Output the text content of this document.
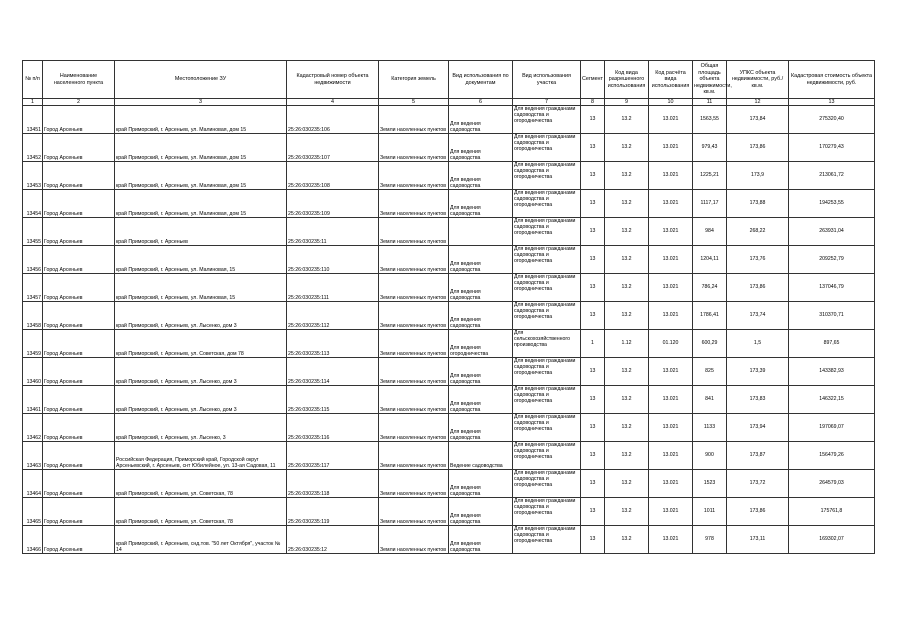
№ п/п	Наименование населенного пункта	Местоположение ЗУ	Кадастровый номер объекта недвижимости	Категория земель	Вид использования по документам	Вид использования участка	Сегмент	Код вида разрешенного использования	Код расчёта вида использования	Общая площадь объекта недвижимости, кв.м.	УПКС объекта недвижимости, руб./кв.м.	Кадастровая стоимость объекта недвижимости, руб.
1	2	3	4	5	6	7	8	9	10	11	12	13
13451	Город Арсеньев	край Приморский, г. Арсеньев, ул. Малиновая, дом 15	25:26:030235:106	Земли населенных пунктов	Для ведения садоводства	Для ведения гражданами садоводства и огородничества	13	13.2	13.021	1563,55	173,84	275320,40
13452	Город Арсеньев	край Приморский, г. Арсеньев, ул. Малиновая, дом 15	25:26:030235:107	Земли населенных пунктов	Для ведения садоводства	Для ведения гражданами садоводства и огородничества	13	13.2	13.021	979,43	173,86	170279,43
13453	Город Арсеньев	край Приморский, г. Арсеньев, ул. Малиновая, дом 15	25:26:030235:108	Земли населенных пунктов	Для ведения садоводства	Для ведения гражданами садоводства и огородничества	13	13.2	13.021	1225,21	173,9	213061,72
13454	Город Арсеньев	край Приморский, г. Арсеньев, ул. Малиновая, дом 15	25:26:030235:109	Земли населенных пунктов	Для ведения садоводства	Для ведения гражданами садоводства и огородничества	13	13.2	13.021	1117,17	173,88	194253,55
13455	Город Арсеньев	край Приморский, г. Арсеньев	25:26:030235:11	Земли населенных пунктов		Для ведения гражданами садоводства и огородничества	13	13.2	13.021	984	268,22	263931,04
13456	Город Арсеньев	край Приморский, г. Арсеньев, ул. Малиновая, 15	25:26:030235:110	Земли населенных пунктов	Для ведения садоводства	Для ведения гражданами садоводства и огородничества	13	13.2	13.021	1204,11	173,76	209252,79
13457	Город Арсеньев	край Приморский, г. Арсеньев, ул. Малиновая, 15	25:26:030235:111	Земли населенных пунктов	Для ведения садоводства	Для ведения гражданами садоводства и огородничества	13	13.2	13.021	786,24	173,86	137046,79
13458	Город Арсеньев	край Приморский, г. Арсеньев, ул. Лысенко, дом 3	25:26:030235:112	Земли населенных пунктов	Для ведения садоводства	Для ведения гражданами садоводства и огородничества	13	13.2	13.021	1786,41	173,74	310370,71
13459	Город Арсеньев	край Приморский, г. Арсеньев, ул. Советская, дом 78	25:26:030235:113	Земли населенных пунктов	Для ведения огородничества	Для сельскохозяйственного производства	1	1.12	01.120	600,29	1,5	897,65
13460	Город Арсеньев	край Приморский, г. Арсеньев, ул. Лысенко, дом 3	25:26:030235:114	Земли населенных пунктов	Для ведения садоводства	Для ведения гражданами садоводства и огородничества	13	13.2	13.021	825	173,39	143382,93
13461	Город Арсеньев	край Приморский, г. Арсеньев, ул. Лысенко, дом 3	25:26:030235:115	Земли населенных пунктов	Для ведения садоводства	Для ведения гражданами садоводства и огородничества	13	13.2	13.021	841	173,83	146322,15
13462	Город Арсеньев	край Приморский, г. Арсеньев, ул. Лысенко, 3	25:26:030235:116	Земли населенных пунктов	Для ведения садоводства	Для ведения гражданами садоводства и огородничества	13	13.2	13.021	1133	173,94	197069,07
13463	Город Арсеньев	Российская Федерация, Приморский край, Городской округ Арсеньевский, г. Арсеньев, снт Юбилейное, ул. 13-ая Садовая, 11	25:26:030235:117	Земли населенных пунктов	Ведение садоводства	Для ведения гражданами садоводства и огородничества	13	13.2	13.021	900	173,87	156479,26
13464	Город Арсеньев	край Приморский, г. Арсеньев, ул. Советская, 78	25:26:030235:118	Земли населенных пунктов	Для ведения садоводства	Для ведения гражданами садоводства и огородничества	13	13.2	13.021	1523	173,72	264579,03
13465	Город Арсеньев	край Приморский, г. Арсеньев, ул. Советская, 78	25:26:030235:119	Земли населенных пунктов	Для ведения садоводства	Для ведения гражданами садоводства и огородничества	13	13.2	13.021	1011	173,86	175761,8
13466	Город Арсеньев	край Приморский, г. Арсеньев, снд.тов. "50 лет Октября", участок № 14	25:26:030235:12	Земли населенных пунктов	Для ведения садоводства	Для ведения гражданами садоводства и огородничества	13	13.2	13.021	978	173,11	169302,07
